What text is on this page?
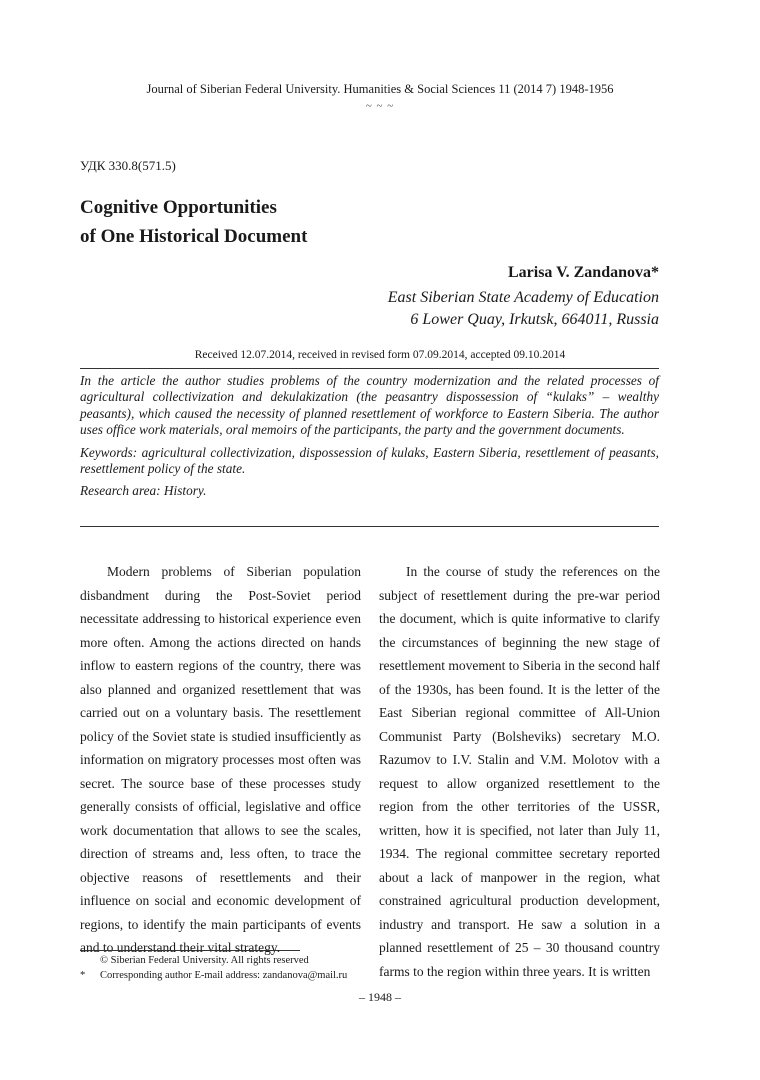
Journal of Siberian Federal University. Humanities & Social Sciences 11 (2014 7) 1948-1956
~ ~ ~
УДК 330.8(571.5)
Cognitive Opportunities
of One Historical Document
Larisa V. Zandanova*
East Siberian State Academy of Education
6 Lower Quay, Irkutsk, 664011, Russia
Received 12.07.2014, received in revised form 07.09.2014, accepted 09.10.2014

In the article the author studies problems of the country modernization and the related processes of agricultural collectivization and dekulakization (the peasantry dispossession of “kulaks” – wealthy peasants), which caused the necessity of planned resettlement of workforce to Eastern Siberia. The author uses office work materials, oral memoirs of the participants, the party and the government documents.

Keywords: agricultural collectivization, dispossession of kulaks, Eastern Siberia, resettlement of peasants, resettlement policy of the state.

Research area: History.

Modern problems of Siberian population disbandment during the Post-Soviet period necessitate addressing to historical experience even more often. Among the actions directed on hands inflow to eastern regions of the country, there was also planned and organized resettlement that was carried out on a voluntary basis. The resettlement policy of the Soviet state is studied insufficiently as information on migratory processes most often was secret. The source base of these processes study generally consists of official, legislative and office work documentation that allows to see the scales, direction of streams and, less often, to trace the objective reasons of resettlements and their influence on social and economic development of regions, to identify the main participants of events and to understand their vital strategy.

In the course of study the references on the subject of resettlement during the pre-war period the document, which is quite informative to clarify the circumstances of beginning the new stage of resettlement movement to Siberia in the second half of the 1930s, has been found. It is the letter of the East Siberian regional committee of All-Union Communist Party (Bolsheviks) secretary M.O. Razumov to I.V. Stalin and V.M. Molotov with a request to allow organized resettlement to the region from the other territories of the USSR, written, how it is specified, not later than July 11, 1934. The regional committee secretary reported about a lack of manpower in the region, what constrained agricultural production development, industry and transport. He saw a solution in a planned resettlement of 25 – 30 thousand country farms to the region within three years. It is written

© Siberian Federal University. All rights reserved
*	Corresponding author E-mail address: zandanova@mail.ru
– 1948 –
